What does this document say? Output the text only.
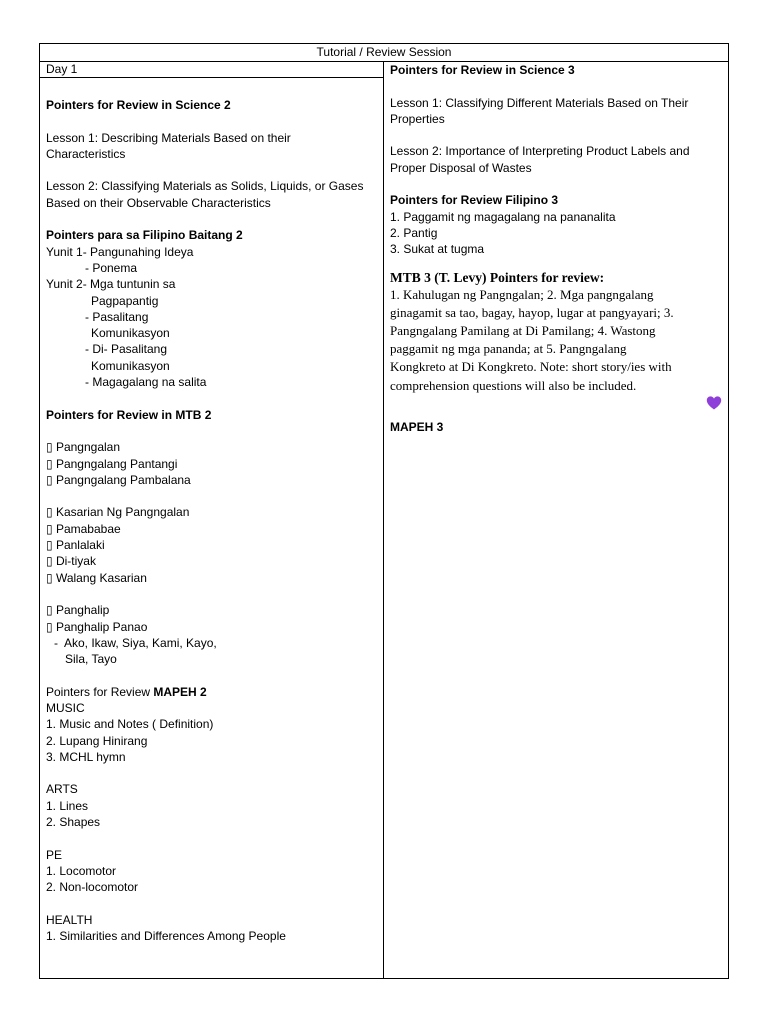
Tutorial / Review Session
Day 1
Pointers for Review in Science 2
Lesson 1: Describing Materials Based on their
Characteristics
Lesson 2: Classifying Materials as Solids, Liquids, or Gases
Based on their Observable Characteristics
Pointers para sa Filipino Baitang 2
Yunit 1- Pangunahing Ideya
- Ponema
Yunit 2- Mga tuntunin sa
Pagpapantig
- Pasalitang
Komunikasyon
- Di- Pasalitang
Komunikasyon
- Magagalang na salita
Pointers for Review in MTB 2
▯ Pangngalan
▯ Pangngalang Pantangi
▯ Pangngalang Pambalana
▯ Kasarian Ng Pangngalan
▯ Pamababae
▯ Panlalaki
▯ Di-tiyak
▯ Walang Kasarian
▯ Panghalip
▯ Panghalip Panao
-  Ako, Ikaw, Siya, Kami, Kayo,
Sila, Tayo
Pointers for Review MAPEH 2
MUSIC
1. Music and Notes ( Definition)
2. Lupang Hinirang
3. MCHL hymn
ARTS
1. Lines
2. Shapes
PE
1. Locomotor
2. Non-locomotor
HEALTH
1. Similarities and Differences Among People
Pointers for Review in Science 3
Lesson 1: Classifying Different Materials Based on Their
Properties
Lesson 2: Importance of Interpreting Product Labels and
Proper Disposal of Wastes
Pointers for Review Filipino 3
1. Paggamit ng magagalang na pananalita
2. Pantig
3. Sukat at tugma
MTB 3 (T. Levy) Pointers for review:
1. Kahulugan ng Pangngalan; 2. Mga pangngalang
ginagamit sa tao, bagay, hayop, lugar at pangyayari; 3.
Pangngalang Pamilang at Di Pamilang; 4. Wastong
paggamit ng mga pananda; at 5. Pangngalang
Kongkreto at Di Kongkreto. Note: short story/ies with
comprehension questions will also be included.
MAPEH 3
